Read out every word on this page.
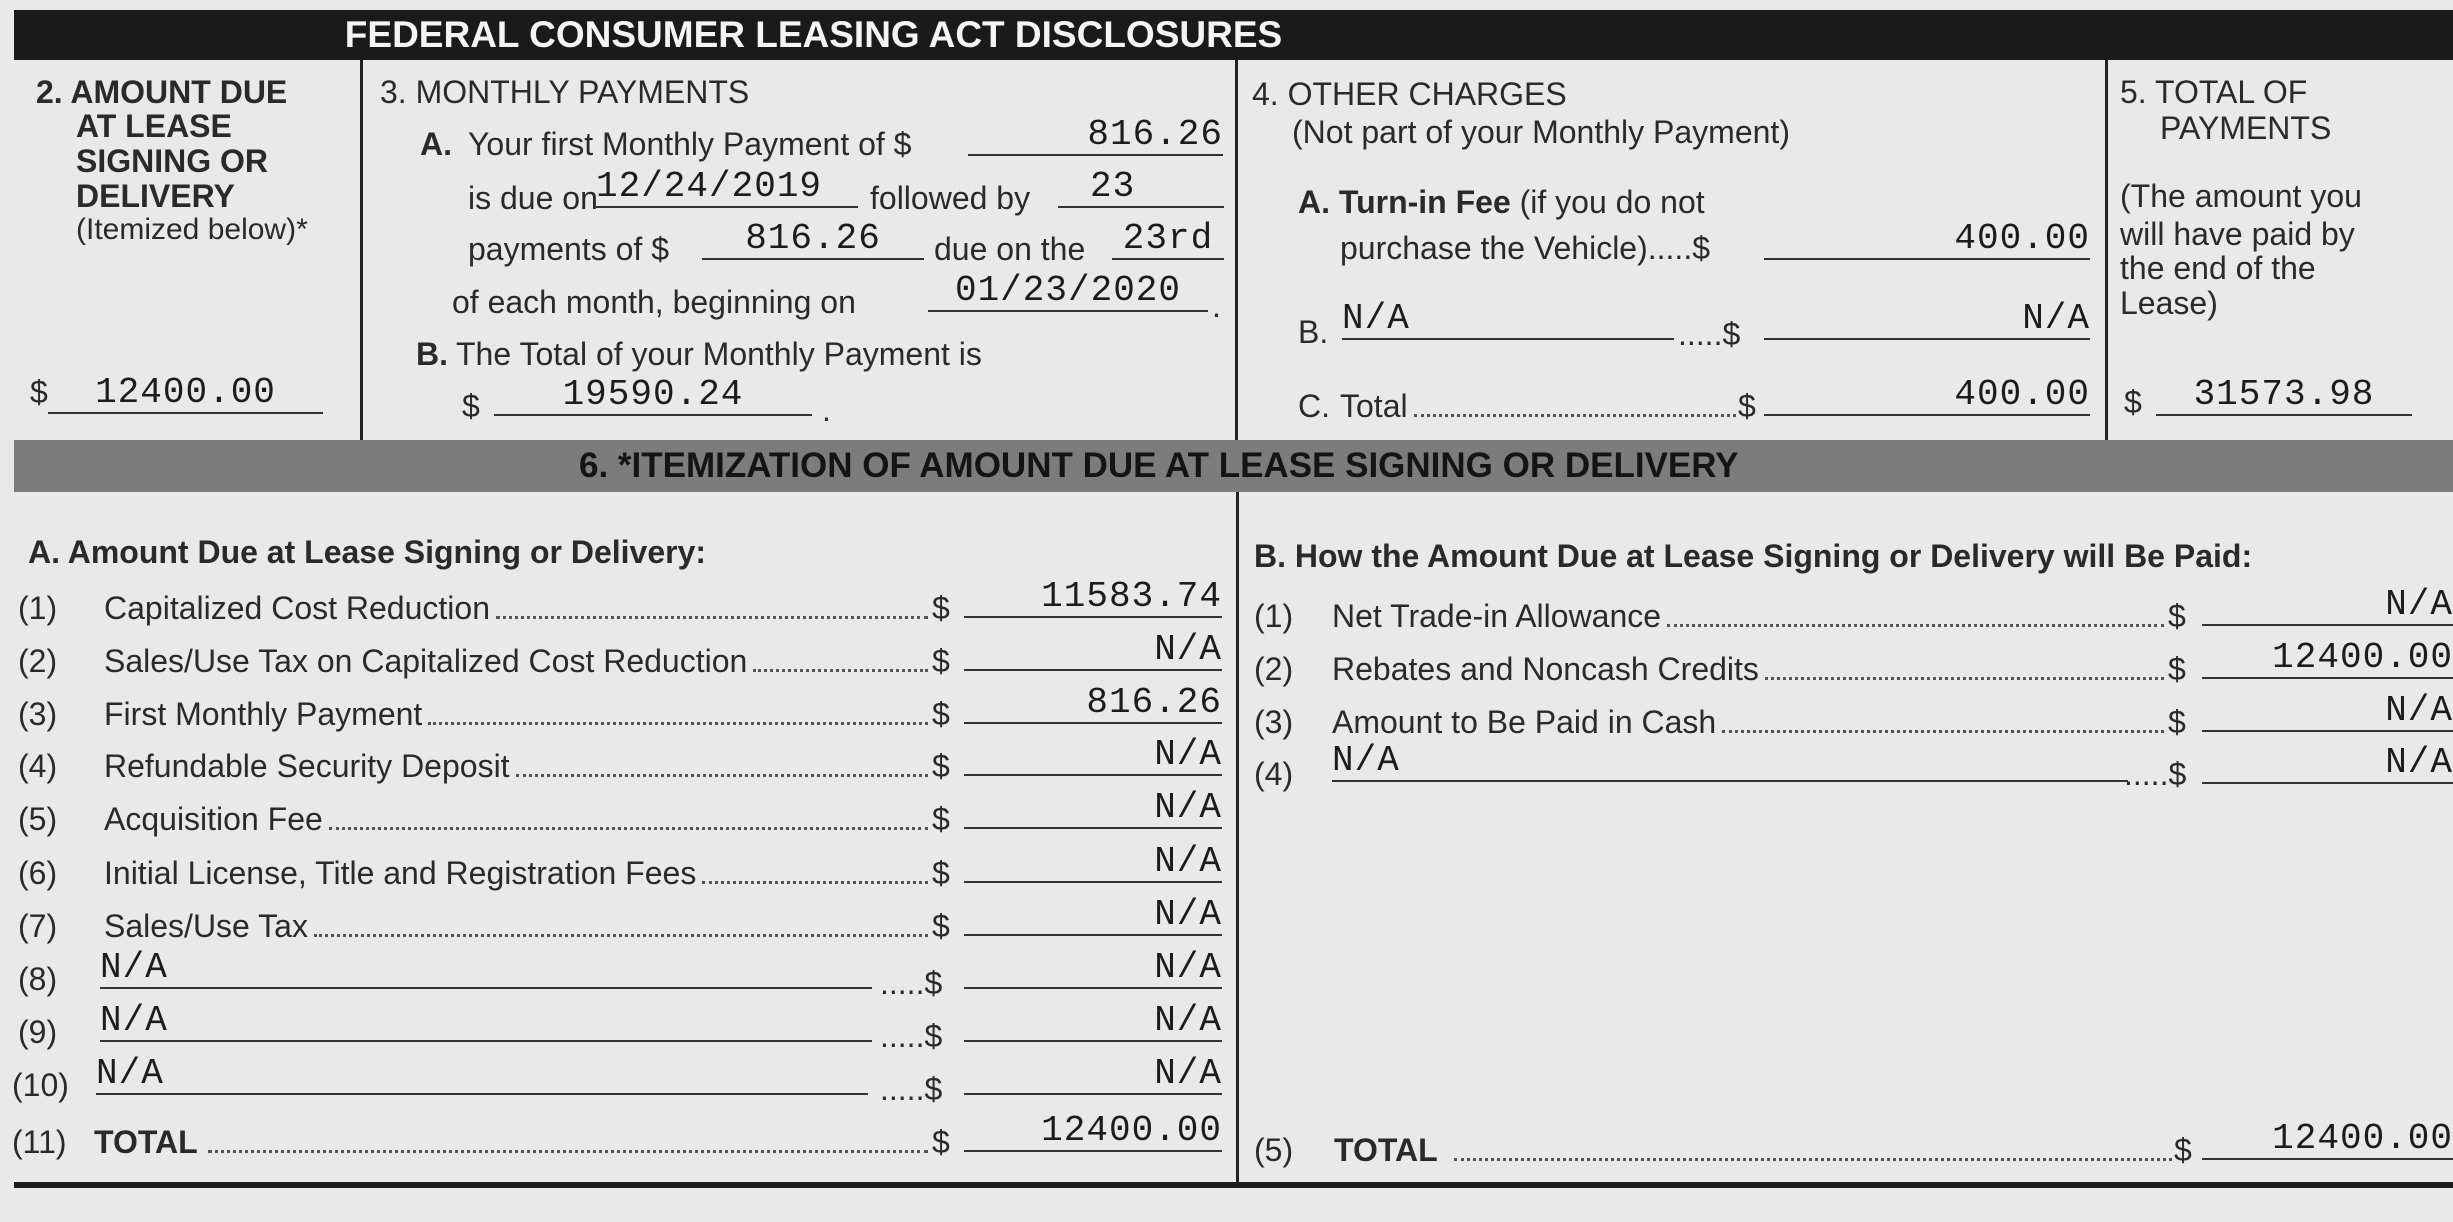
FEDERAL CONSUMER LEASING ACT DISCLOSURES
2. AMOUNT DUE
AT LEASE
SIGNING OR
DELIVERY
(Itemized below)*
$	12400.00
3. MONTHLY PAYMENTS
A. Your first Monthly Payment of $	816.26
is due on
12/24/2019	followed by	23
payments of $	816.26	due on the 23rd
of each month, beginning on	01/23/2020 .
B. The Total of your Monthly Payment is
$	19590.24	.
4. OTHER CHARGES
(Not part of your Monthly Payment)
A. Turn-in Fee (if you do not
purchase the Vehicle).....$	400.00
B. N/A	.....$	N/A
C. Total	$	400.00
5. TOTAL OF
PAYMENTS
(The amount you
will have paid by
the end of the
Lease)
$	31573.98
6. *ITEMIZATION OF AMOUNT DUE AT LEASE SIGNING OR DELIVERY
A. Amount Due at Lease Signing or Delivery:
(1) Capitalized Cost Reduction	$	11583.74
(2) Sales/Use Tax on Capitalized Cost Reduction	$	N/A
(3) First Monthly Payment	$	816.26
(4) Refundable Security Deposit	$	N/A
(5) Acquisition Fee	$	N/A
(6) Initial License, Title and Registration Fees	$	N/A
(7) Sales/Use Tax	$	N/A
(8) N/A	.....$	N/A
(9) N/A	.....$	N/A
(10) N/A	.....$	N/A
(11) TOTAL	$	12400.00
B. How the Amount Due at Lease Signing or Delivery will Be Paid:
(1) Net Trade-in Allowance	$	N/A
(2) Rebates and Noncash Credits	$	12400.00
(3) Amount to Be Paid in Cash	$	N/A
(4) N/A	.....$	N/A
(5) TOTAL	$	12400.00
